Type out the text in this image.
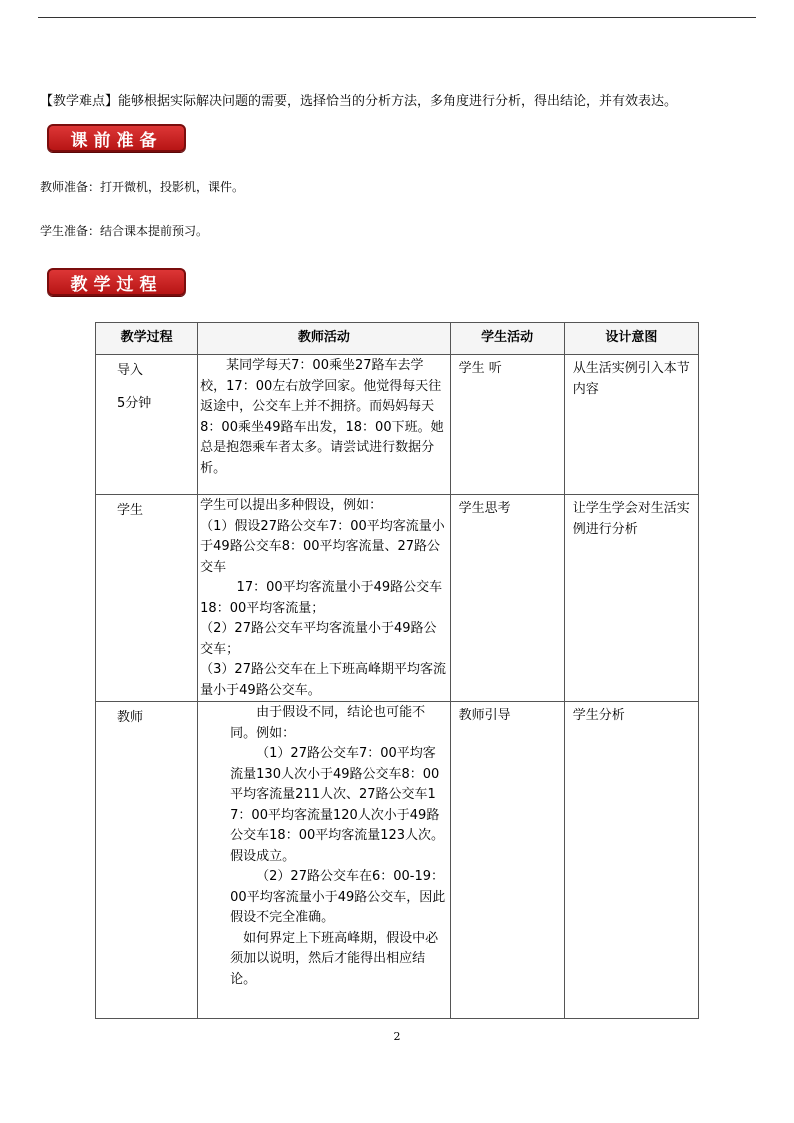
【教学难点】能够根据实际解决问题的需要，选择恰当的分析方法，多角度进行分析，得出结论，并有效表达。
课前准备
教师准备：打开微机，投影机，课件。
学生准备：结合课本提前预习。
教学过程
教学过程	教师活动	学生活动	设计意图
导入
5分钟	某同学每天7：00乘坐27路车去学校，17：00左右放学回家。他觉得每天往返途中，公交车上并不拥挤。而妈妈每天8：00乘坐49路车出发，18：00下班。她总是抱怨乘车者太多。请尝试进行数据分析。	学生 听	从生活实例引入本节内容
学生	学生可以提出多种假设，例如：

（1）假设27路公交车7：00平均客流量小于49路公交车8：00平均客流量、27路公交车

17：00平均客流量小于49路公交车18：00平均客流量；

（2）27路公交车平均客流量小于49路公交车；

（3）27路公交车在上下班高峰期平均客流量小于49路公交车。	学生思考	让学生学会对生活实例进行分析
教师	由于假设不同，结论也可能不同。例如：

（1）27路公交车7：00平均客流量130人次小于49路公交车8：00平均客流量211人次、27路公交车17：00平均客流量120人次小于49路公交车18：00平均客流量123人次。假设成立。

（2）27路公交车在6：00-19：00平均客流量小于49路公交车，因此假设不完全准确。

如何界定上下班高峰期，假设中必须加以说明，然后才能得出相应结论。	教师引导	学生分析
2
